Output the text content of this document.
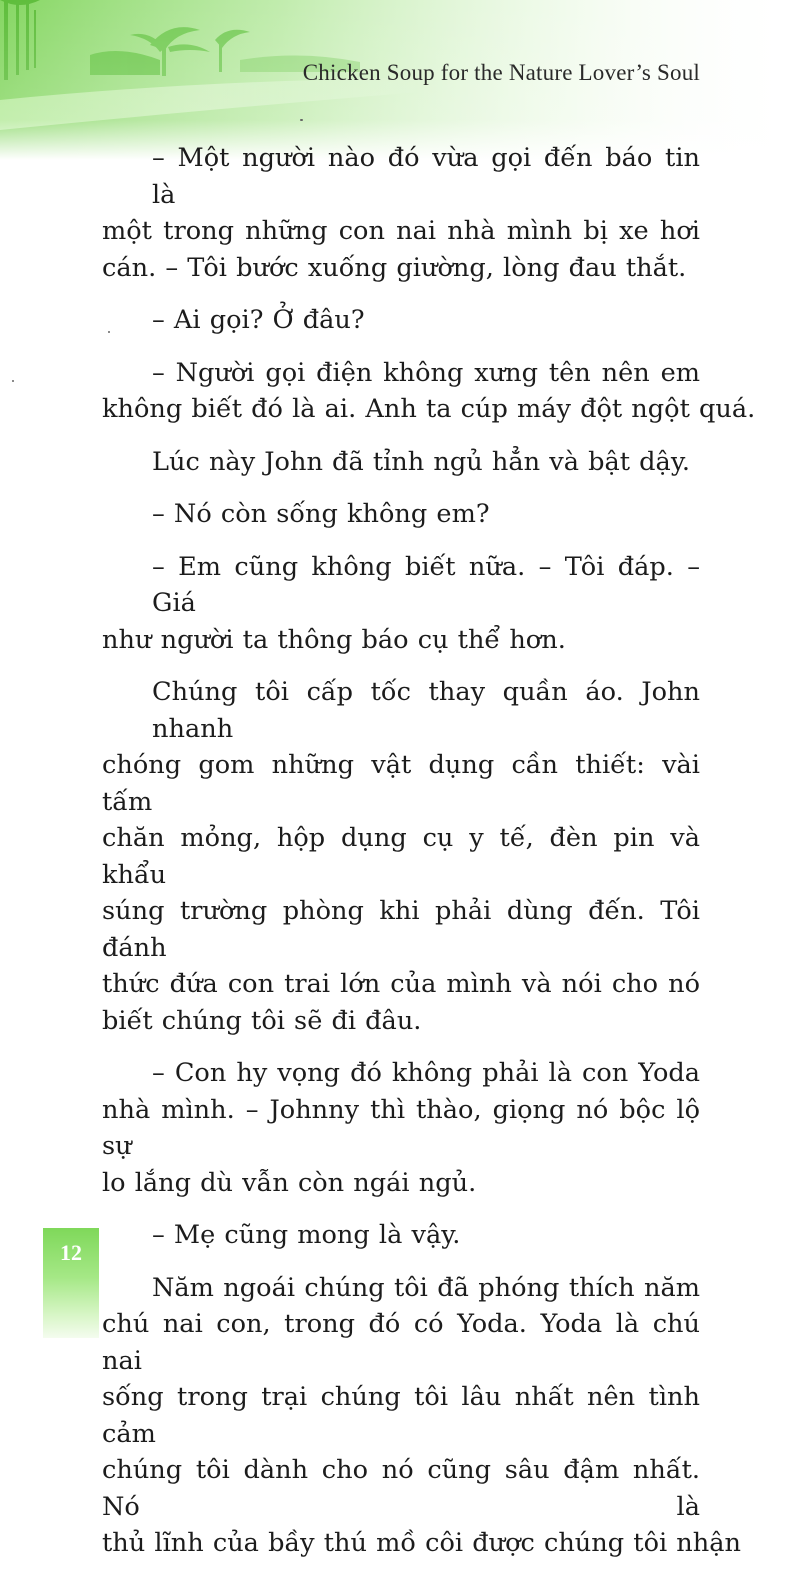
Chicken Soup for the Nature Lover’s Soul
– Một người nào đó vừa gọi đến báo tin là
một trong những con nai nhà mình bị xe hơi
cán. – Tôi bước xuống giường, lòng đau thắt.
– Ai gọi? Ở đâu?
– Người gọi điện không xưng tên nên em
không biết đó là ai. Anh ta cúp máy đột ngột quá.
Lúc này John đã tỉnh ngủ hẳn và bật dậy.
– Nó còn sống không em?
– Em cũng không biết nữa. – Tôi đáp. – Giá
như người ta thông báo cụ thể hơn.
Chúng tôi cấp tốc thay quần áo. John nhanh
chóng gom những vật dụng cần thiết: vài tấm
chăn mỏng, hộp dụng cụ y tế, đèn pin và khẩu
súng trường phòng khi phải dùng đến. Tôi đánh
thức đứa con trai lớn của mình và nói cho nó
biết chúng tôi sẽ đi đâu.
– Con hy vọng đó không phải là con Yoda
nhà mình. – Johnny thì thào, giọng nó bộc lộ sự
lo lắng dù vẫn còn ngái ngủ.
– Mẹ cũng mong là vậy.
Năm ngoái chúng tôi đã phóng thích năm
chú nai con, trong đó có Yoda. Yoda là chú nai
sống trong trại chúng tôi lâu nhất nên tình cảm
chúng tôi dành cho nó cũng sâu đậm nhất. Nó là
thủ lĩnh của bầy thú mồ côi được chúng tôi nhận
12
